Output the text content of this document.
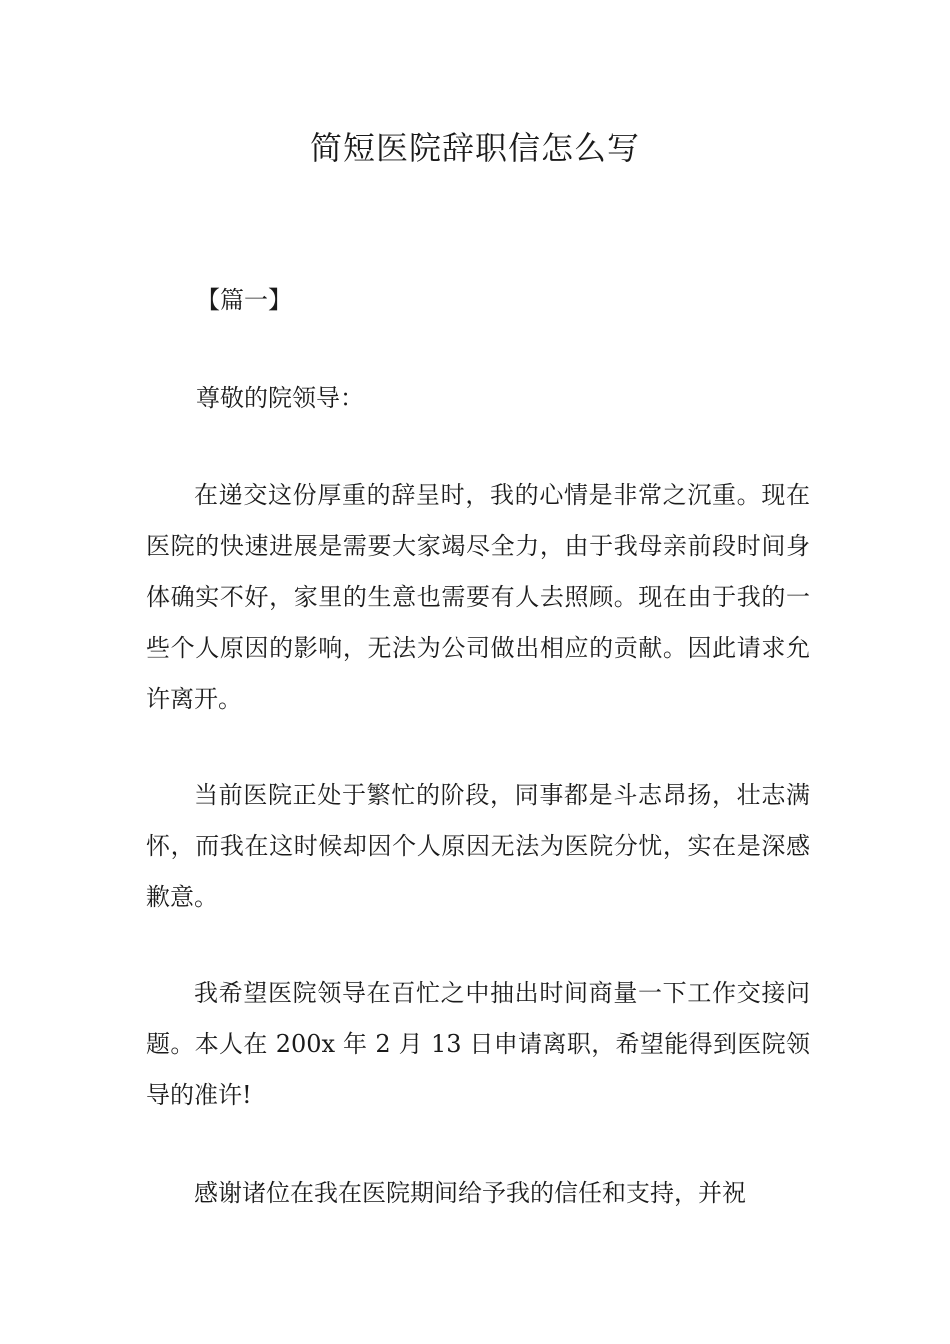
简短医院辞职信怎么写
【篇一】
尊敬的院领导：

在递交这份厚重的辞呈时，我的心情是非常之沉重。现在医院的快速进展是需要大家竭尽全力，由于我母亲前段时间身体确实不好，家里的生意也需要有人去照顾。现在由于我的一些个人原因的影响，无法为公司做出相应的贡献。因此请求允许离开。

当前医院正处于繁忙的阶段，同事都是斗志昂扬，壮志满怀，而我在这时候却因个人原因无法为医院分忧，实在是深感歉意。

我希望医院领导在百忙之中抽出时间商量一下工作交接问题。本人在 200x 年 2 月 13 日申请离职，希望能得到医院领导的准许!

感谢诸位在我在医院期间给予我的信任和支持，并祝
